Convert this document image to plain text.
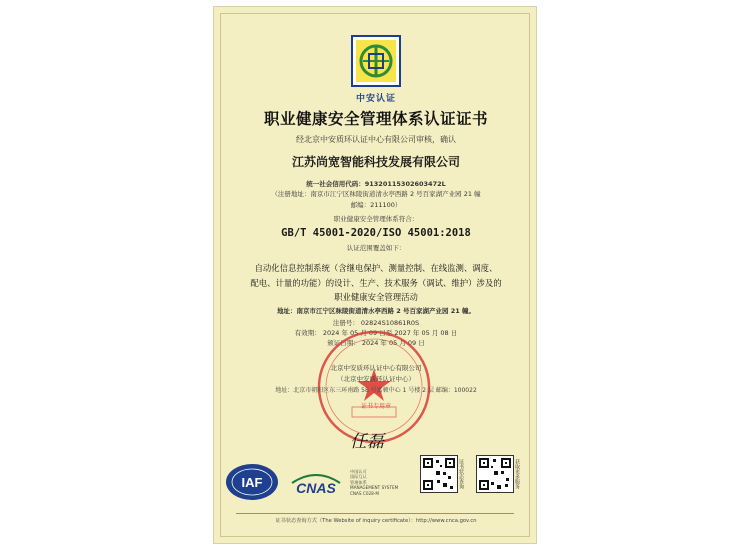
中安认证
职业健康安全管理体系认证证书
经北京中安质环认证中心有限公司审核，确认
江苏尚宽智能科技发展有限公司
统一社会信用代码：91320115302603472L
（注册地址：南京市江宁区秣陵街道清水亭西路 2 号百家湖产业园 21 幢
邮编：211100）
职业健康安全管理体系符合：
GB/T 45001-2020/ISO 45001:2018
认证范围覆盖如下：
自动化信息控制系统（含继电保护、测量控制、在线监测、调度、
配电、计量的功能）的设计、生产、技术服务（调试、维护）涉及的
职业健康安全管理活动
地址：南京市江宁区秣陵街道清水亭西路 2 号百家湖产业园 21 幢。
注册号： 02824S10861R0S
有效期： 2024 年 05 月 09 日至 2027 年 05 月 08 日
颁证日期： 2024 年 05 月 09 日
北京中安质环认证中心有限公司
（北京中安质环认证中心）
地址：北京市朝阳区东三环南路 58 号富顿中心 1 号楼 2 层 邮编：100022
证书专用章
任磊
IAF CNAS
中国认可
国际互认
管理体系
MANAGEMENT SYSTEM
CNAS C028-M
证书状态查询	获取更多服务
证书状态查询方式（The Website of inquiry certificate）：http://www.cnca.gov.cn
